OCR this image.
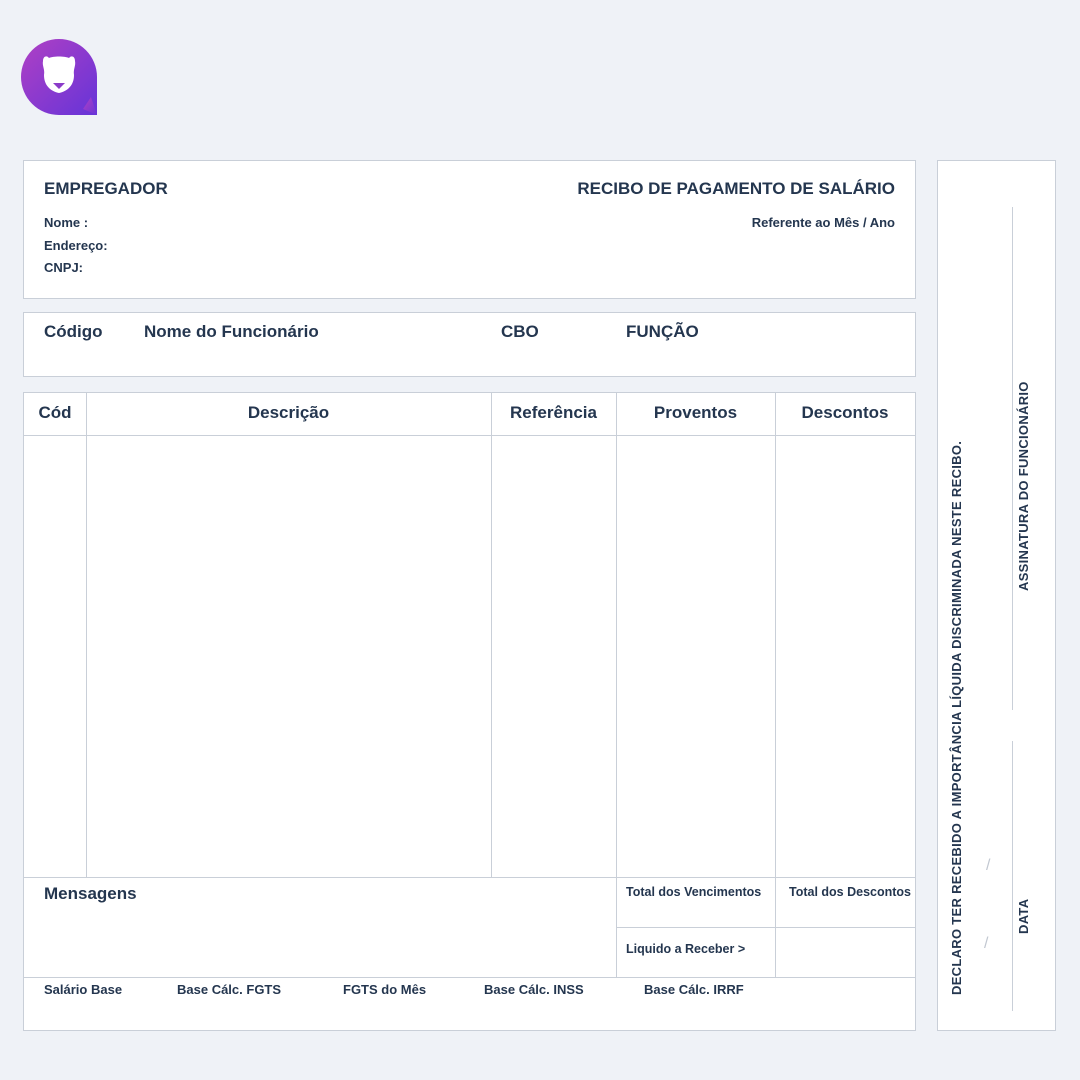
EMPREGADOR	RECIBO DE PAGAMENTO DE SALÁRIO
Nome :
Endereço:
CNPJ:
Referente ao Mês / Ano
Código Nome do Funcionário	CBO	FUNÇÃO
Cód	Descrição	Referência	Proventos	Descontos
Mensagens	Total dos Vencimentos Total dos Descontos
Liquido a Receber >
Salário Base	Base Cálc. FGTS	FGTS do Mês	Base Cálc. INSS	Base Cálc. IRRF	DECLARO TER RECEBIDO A IMPORTÂNCIA LÍQUIDA DISCRIMINADA NESTE RECIBO.	ASSINATURA DO FUNCIONÁRIO
DATA
/
/
